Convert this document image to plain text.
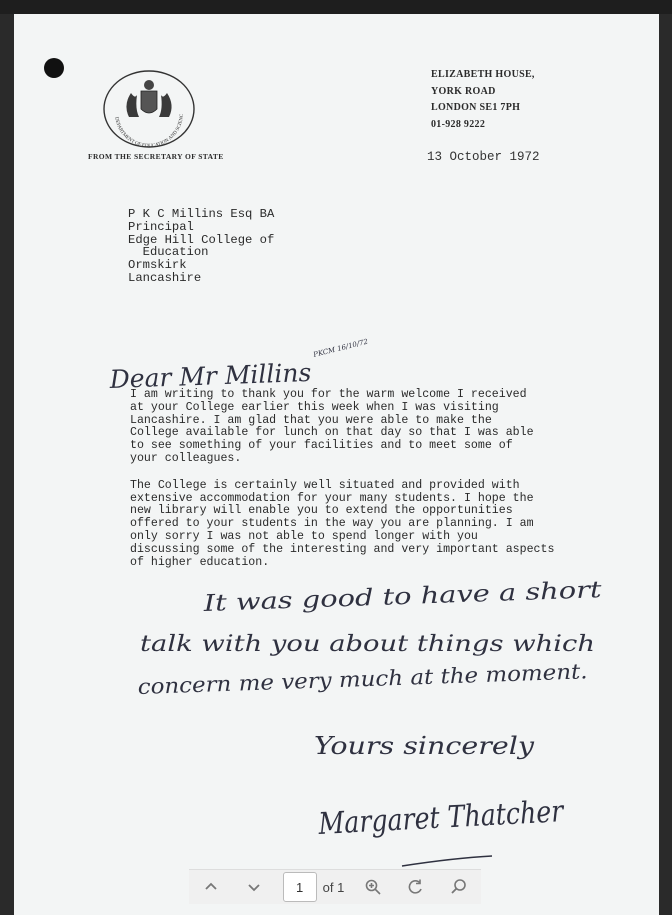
DEPARTMENT OF EDUCATION AND SCIENC
FROM THE SECRETARY OF STATE
ELIZABETH HOUSE,
YORK ROAD
LONDON SE1 7PH
01-928 9222
13 October 1972
P K C Millins Esq BA
Principal
Edge Hill College of
Education
Ormskirk
Lancashire

I am writing to thank you for the warm welcome I received
at your College earlier this week when I was visiting
Lancashire. I am glad that you were able to make the
College available for lunch on that day so that I was able
to see something of your facilities and to meet some of
your colleagues.

The College is certainly well situated and provided with
extensive accommodation for your many students. I hope the
new library will enable you to extend the opportunities
offered to your students in the way you are planning. I am
only sorry I was not able to spend longer with you
discussing some of the interesting and very important aspects
of higher education.

Dear Mr Millins
PKCM 16/10/72
It was good to have a short
talk with you about things which
concern me very much at the moment.
Yours sincerely
Margaret Thatcher
1	of 1
